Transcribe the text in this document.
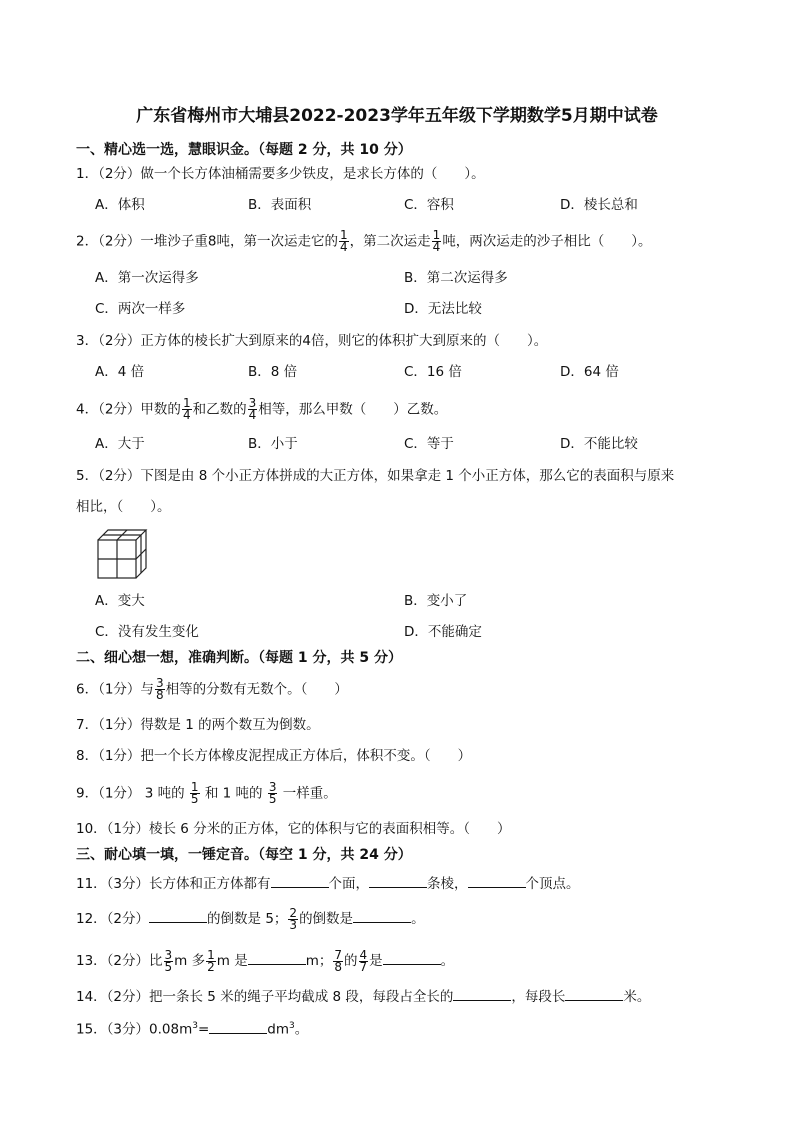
广东省梅州市大埔县2022-2023学年五年级下学期数学5月期中试卷
一、精心选一选，慧眼识金。（每题 2 分，共 10 分）
1．（2分）做一个长方体油桶需要多少铁皮，是求长方体的（　　）。
A．体积	B．表面积	C．容积	D．棱长总和
2．（2分）一堆沙子重8吨，第一次运走它的 $\frac{1}{4}$ ，第二次运走 $\frac{1}{4}$ 吨，两次运走的沙子相比（　　）。
A．第一次运得多	B．第二次运得多
C．两次一样多	D．无法比较
3．（2分）正方体的棱长扩大到原来的4倍，则它的体积扩大到原来的（　　）。
A．4 倍	B．8 倍	C．16 倍	D．64 倍
4．（2分）甲数的 $\frac{1}{4}$ 和乙数的 $\frac{3}{4}$ 相等，那么甲数（　　）乙数。
A．大于	B．小于	C．等于	D．不能比较
5．（2分）下图是由 8 个小正方体拼成的大正方体，如果拿走 1 个小正方体，那么它的表面积与原来
相比，（　　）。
A．变大	B．变小了
C．没有发生变化	D．不能确定
二、细心想一想，准确判断。（每题 1 分，共 5 分）
6．（1分）与 $\frac{3}{8}$ 相等的分数有无数个。（　　）
7．（1分）得数是 1 的两个数互为倒数。
8．（1分）把一个长方体橡皮泥捏成正方体后，体积不变。（　　）
9．（1分） 3 吨的 $\frac{1}{5}$ 和 1 吨的 $\frac{3}{5}$ 一样重。
10．（1分）棱长 6 分米的正方体，它的体积与它的表面积相等。（　　）
三、耐心填一填，一锤定音。（每空 1 分，共 24 分）
11．（3分）长方体和正方体都有	个面，	条棱，	个顶点。
12．（2分）	的倒数是 5； $\frac{2}{3}$ 的倒数是	。
13．（2分）比 $\frac{3}{5}$ m 多 $\frac{1}{2}$ m 是	m； $\frac{7}{8}$ 的 $\frac{4}{7}$ 是	。
14．（2分）把一条长 5 米的绳子平均截成 8 段，每段占全长的	，每段长	米。
15．（3分）$0.08m^3=$	$dm^3$。
